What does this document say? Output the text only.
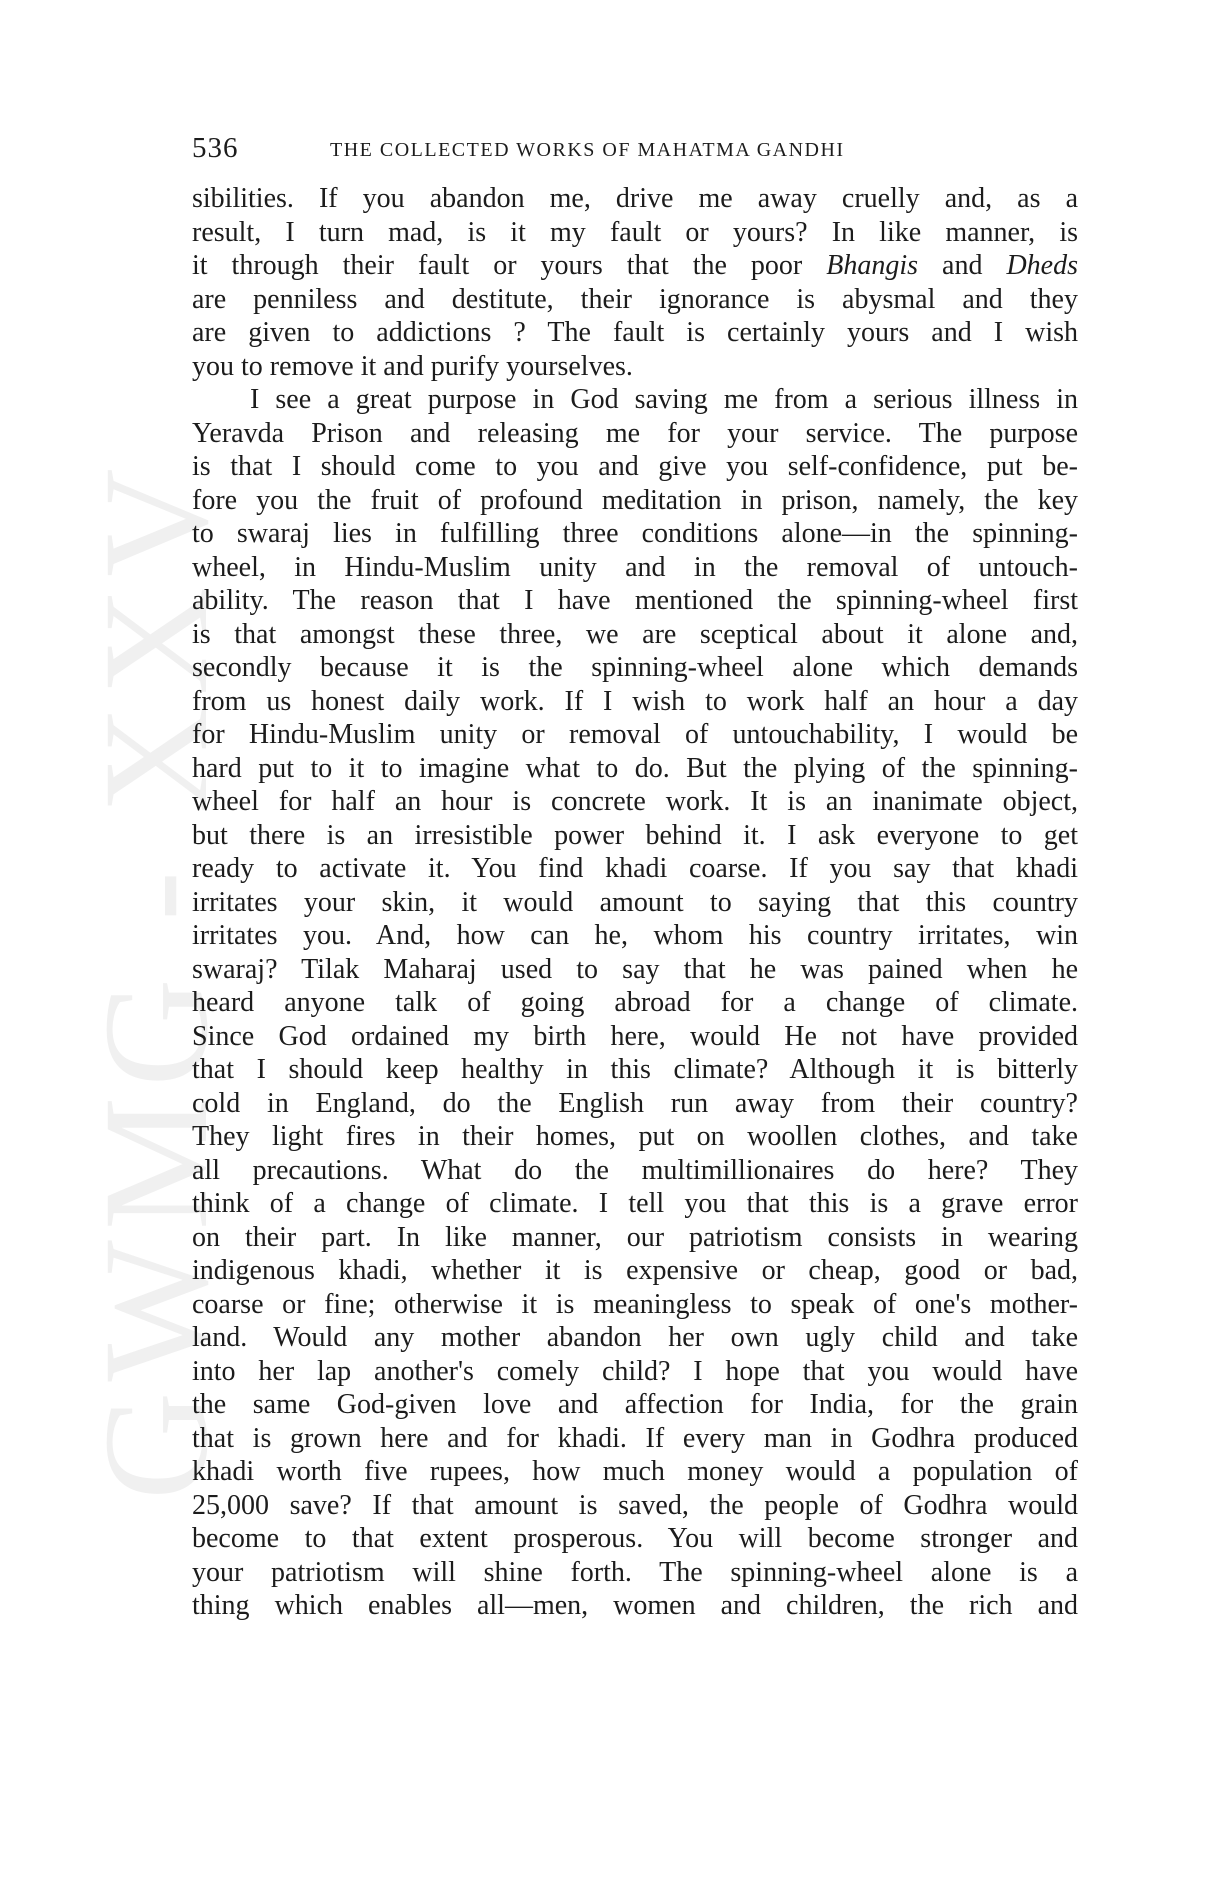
GWMG - XXV
536	THE COLLECTED WORKS OF MAHATMA GANDHI
sibilities. If you abandon me, drive me away cruelly and, as a
result, I turn mad, is it my fault or yours? In like manner, is
it through their fault or yours that the poor Bhangis and Dheds
are penniless and destitute, their ignorance is abysmal and they
are given to addictions ? The fault is certainly yours and I wish
you to remove it and purify yourselves.
I see a great purpose in God saving me from a serious illness in
Yeravda Prison and releasing me for your service. The purpose
is that I should come to you and give you self-confidence, put be-
fore you the fruit of profound meditation in prison, namely, the key
to swaraj lies in fulfilling three conditions alone—in the spinning-
wheel, in Hindu-Muslim unity and in the removal of untouch-
ability. The reason that I have mentioned the spinning-wheel first
is that amongst these three, we are sceptical about it alone and,
secondly because it is the spinning-wheel alone which demands
from us honest daily work. If I wish to work half an hour a day
for Hindu-Muslim unity or removal of untouchability, I would be
hard put to it to imagine what to do. But the plying of the spinning-
wheel for half an hour is concrete work. It is an inanimate object,
but there is an irresistible power behind it. I ask everyone to get
ready to activate it. You find khadi coarse. If you say that khadi
irritates your skin, it would amount to saying that this country
irritates you. And, how can he, whom his country irritates, win
swaraj? Tilak Maharaj used to say that he was pained when he
heard anyone talk of going abroad for a change of climate.
Since God ordained my birth here, would He not have provided
that I should keep healthy in this climate? Although it is bitterly
cold in England, do the English run away from their country?
They light fires in their homes, put on woollen clothes, and take
all precautions. What do the multimillionaires do here? They
think of a change of climate. I tell you that this is a grave error
on their part. In like manner, our patriotism consists in wearing
indigenous khadi, whether it is expensive or cheap, good or bad,
coarse or fine; otherwise it is meaningless to speak of one's mother-
land. Would any mother abandon her own ugly child and take
into her lap another's comely child? I hope that you would have
the same God-given love and affection for India, for the grain
that is grown here and for khadi. If every man in Godhra produced
khadi worth five rupees, how much money would a population of
25,000 save? If that amount is saved, the people of Godhra would
become to that extent prosperous. You will become stronger and
your patriotism will shine forth. The spinning-wheel alone is a
thing which enables all—men, women and children, the rich and
